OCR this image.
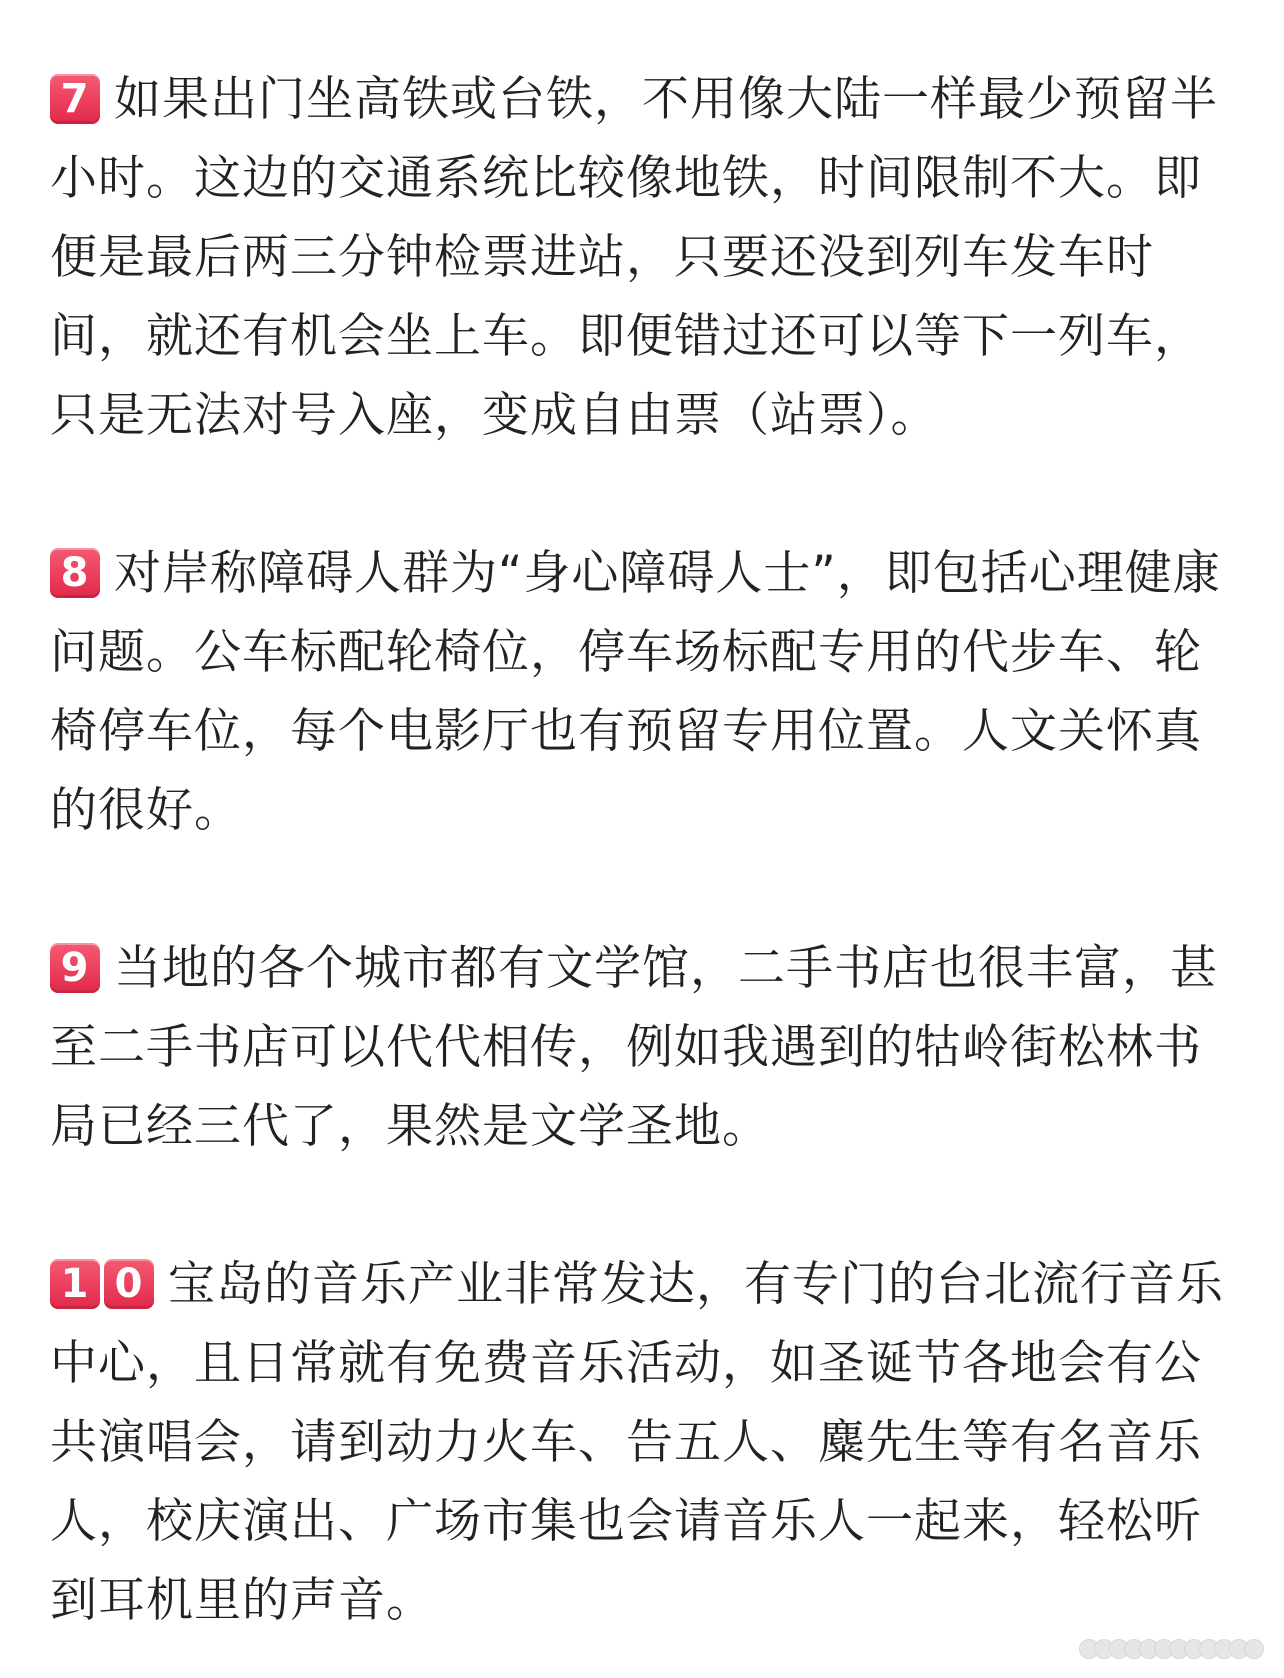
7 如果出门坐高铁或台铁，不用像大陆一样最少预留半
小时。这边的交通系统比较像地铁，时间限制不大。即
便是最后两三分钟检票进站，只要还没到列车发车时
间，就还有机会坐上车。即便错过还可以等下一列车，
只是无法对号入座，变成自由票（站票）。
8 对岸称障碍人群为“身心障碍人士”，即包括心理健康
问题。公车标配轮椅位，停车场标配专用的代步车、轮
椅停车位，每个电影厅也有预留专用位置。人文关怀真
的很好。
9 当地的各个城市都有文学馆，二手书店也很丰富，甚
至二手书店可以代代相传，例如我遇到的牯岭街松林书
局已经三代了，果然是文学圣地。
1 0 宝岛的音乐产业非常发达，有专门的台北流行音乐
中心，且日常就有免费音乐活动，如圣诞节各地会有公
共演唱会，请到动力火车、告五人、麋先生等有名音乐
人，校庆演出、广场市集也会请音乐人一起来，轻松听
到耳机里的声音。
